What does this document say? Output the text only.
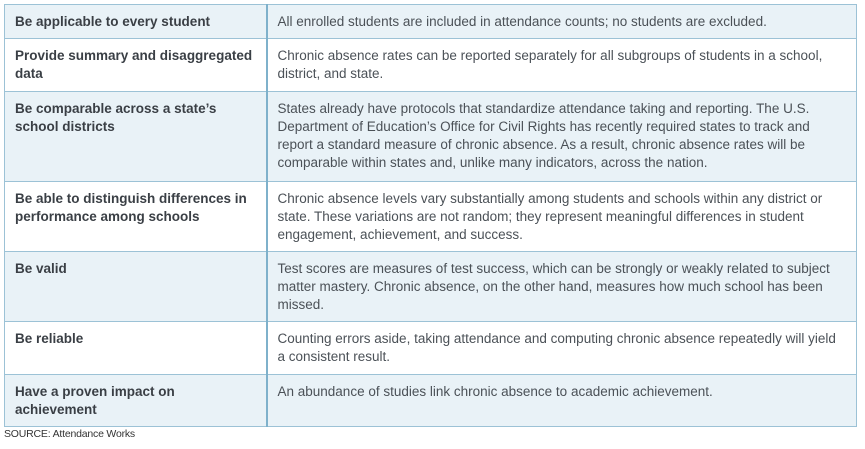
Be applicable to every student	All enrolled students are included in attendance counts; no students are excluded.
Provide summary and disaggregated data	Chronic absence rates can be reported separately for all subgroups of students in a school, district, and state.
Be comparable across a state’s school districts	States already have protocols that standardize attendance taking and reporting. The U.S. Department of Education’s Office for Civil Rights has recently required states to track and report a standard measure of chronic absence. As a result, chronic absence rates will be comparable within states and, unlike many indicators, across the nation.
Be able to distinguish differences in performance among schools	Chronic absence levels vary substantially among students and schools within any district or state. These variations are not random; they represent meaningful differences in student engagement, achievement, and success.
Be valid	Test scores are measures of test success, which can be strongly or weakly related to subject matter mastery. Chronic absence, on the other hand, measures how much school has been missed.
Be reliable	Counting errors aside, taking attendance and computing chronic absence repeatedly will yield a consistent result.
Have a proven impact on achievement	An abundance of studies link chronic absence to academic achievement.
SOURCE: Attendance Works
